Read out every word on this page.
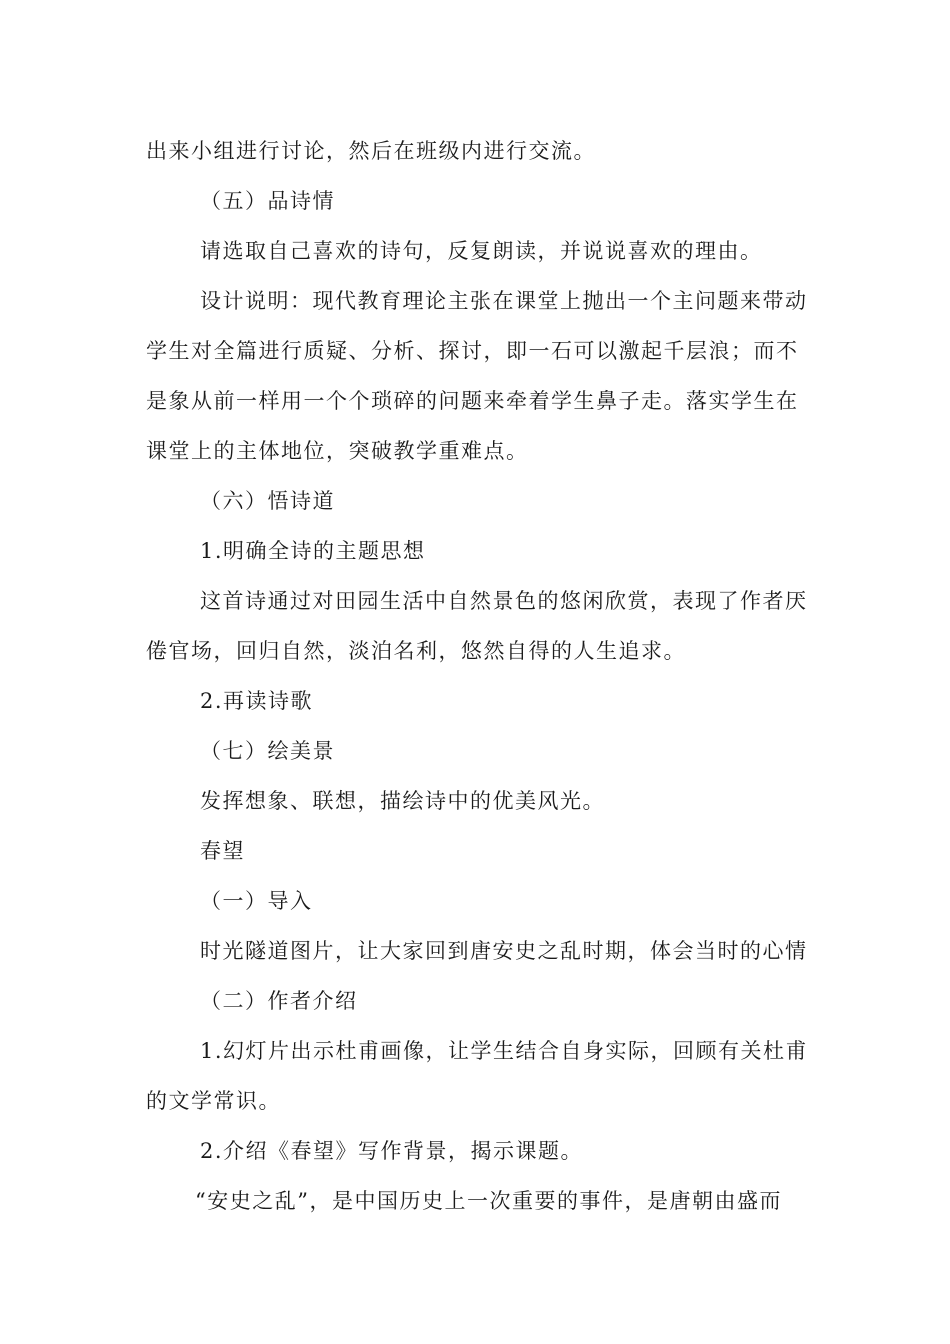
出来小组进行讨论，然后在班级内进行交流。
（五）品诗情
请选取自己喜欢的诗句，反复朗读，并说说喜欢的理由。
设计说明：现代教育理论主张在课堂上抛出一个主问题来带动
学生对全篇进行质疑、分析、探讨，即一石可以激起千层浪；而不
是象从前一样用一个个琐碎的问题来牵着学生鼻子走。落实学生在
课堂上的主体地位，突破教学重难点。
（六）悟诗道
1.明确全诗的主题思想
这首诗通过对田园生活中自然景色的悠闲欣赏，表现了作者厌
倦官场，回归自然，淡泊名利，悠然自得的人生追求。
2.再读诗歌
（七）绘美景
发挥想象、联想，描绘诗中的优美风光。
春望
（一）导入
时光隧道图片，让大家回到唐安史之乱时期，体会当时的心情
（二）作者介绍
1.幻灯片出示杜甫画像，让学生结合自身实际，回顾有关杜甫
的文学常识。
2.介绍《春望》写作背景，揭示课题。
“安史之乱”，是中国历史上一次重要的事件，是唐朝由盛而
